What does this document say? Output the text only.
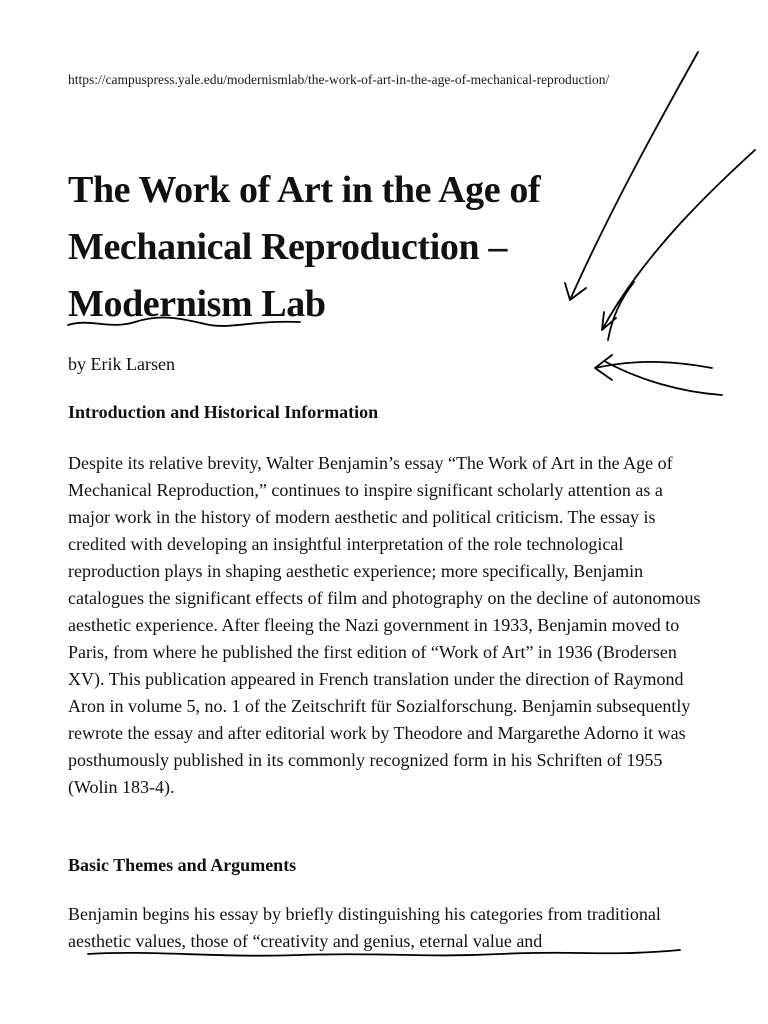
https://campuspress.yale.edu/modernismlab/the-work-of-art-in-the-age-of-mechanical-reproduction/
The Work of Art in the Age of Mechanical Reproduction – Modernism Lab

by Erik Larsen

Introduction and Historical Information

Despite its relative brevity, Walter Benjamin’s essay “The Work of Art in the Age of Mechanical Reproduction,” continues to inspire significant scholarly attention as a major work in the history of modern aesthetic and political criticism. The essay is credited with developing an insightful interpretation of the role technological reproduction plays in shaping aesthetic experience; more specifically, Benjamin catalogues the significant effects of film and photography on the decline of autonomous aesthetic experience. After fleeing the Nazi government in 1933, Benjamin moved to Paris, from where he published the first edition of “Work of Art” in 1936 (Brodersen XV). This publication appeared in French translation under the direction of Raymond Aron in volume 5, no. 1 of the Zeitschrift für Sozialforschung. Benjamin subsequently rewrote the essay and after editorial work by Theodore and Margarethe Adorno it was posthumously published in its commonly recognized form in his Schriften of 1955 (Wolin 183-4).

Basic Themes and Arguments

Benjamin begins his essay by briefly distinguishing his categories from traditional aesthetic values, those of “creativity and genius, eternal value and
